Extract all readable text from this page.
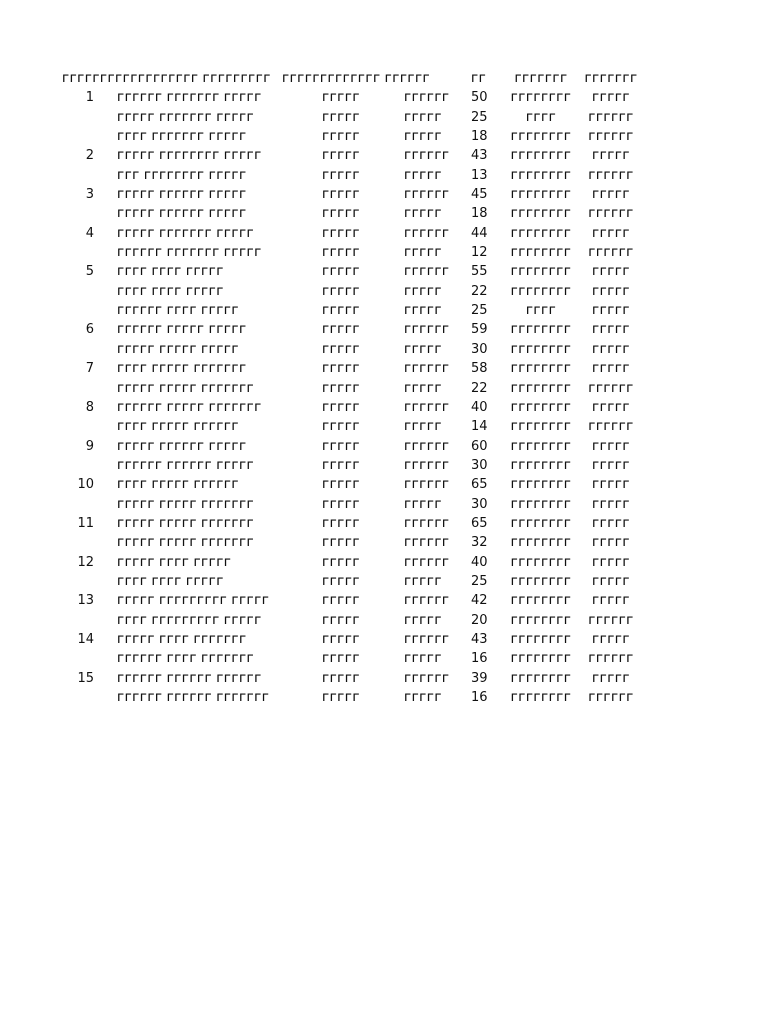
ᴦᴦᴦᴦᴦᴦᴦᴦᴦᴦᴦᴦᴦᴦᴦᴦᴦᴦ ᴦᴦᴦᴦᴦᴦᴦᴦᴦ ᴦᴦᴦᴦᴦᴦᴦᴦᴦᴦᴦᴦᴦ ᴦᴦᴦᴦᴦᴦ	ᴦᴦ	ᴦᴦᴦᴦᴦᴦᴦ	ᴦᴦᴦᴦᴦᴦᴦ
1 ᴦᴦᴦᴦᴦᴦ ᴦᴦᴦᴦᴦᴦᴦ ᴦᴦᴦᴦᴦ	ᴦᴦᴦᴦᴦ	ᴦᴦᴦᴦᴦᴦ	50	ᴦᴦᴦᴦᴦᴦᴦᴦ	ᴦᴦᴦᴦᴦ
ᴦᴦᴦᴦᴦ ᴦᴦᴦᴦᴦᴦᴦ ᴦᴦᴦᴦᴦ	ᴦᴦᴦᴦᴦ	ᴦᴦᴦᴦᴦ	25	ᴦᴦᴦᴦ	ᴦᴦᴦᴦᴦᴦ
ᴦᴦᴦᴦ ᴦᴦᴦᴦᴦᴦᴦ ᴦᴦᴦᴦᴦ	ᴦᴦᴦᴦᴦ	ᴦᴦᴦᴦᴦ	18	ᴦᴦᴦᴦᴦᴦᴦᴦ	ᴦᴦᴦᴦᴦᴦ
2 ᴦᴦᴦᴦᴦ ᴦᴦᴦᴦᴦᴦᴦᴦ ᴦᴦᴦᴦᴦ	ᴦᴦᴦᴦᴦ	ᴦᴦᴦᴦᴦᴦ	43	ᴦᴦᴦᴦᴦᴦᴦᴦ	ᴦᴦᴦᴦᴦ
ᴦᴦᴦ ᴦᴦᴦᴦᴦᴦᴦᴦ ᴦᴦᴦᴦᴦ	ᴦᴦᴦᴦᴦ	ᴦᴦᴦᴦᴦ	13	ᴦᴦᴦᴦᴦᴦᴦᴦ	ᴦᴦᴦᴦᴦᴦ
3 ᴦᴦᴦᴦᴦ ᴦᴦᴦᴦᴦᴦ ᴦᴦᴦᴦᴦ	ᴦᴦᴦᴦᴦ	ᴦᴦᴦᴦᴦᴦ	45	ᴦᴦᴦᴦᴦᴦᴦᴦ	ᴦᴦᴦᴦᴦ
ᴦᴦᴦᴦᴦ ᴦᴦᴦᴦᴦᴦ ᴦᴦᴦᴦᴦ	ᴦᴦᴦᴦᴦ	ᴦᴦᴦᴦᴦ	18	ᴦᴦᴦᴦᴦᴦᴦᴦ	ᴦᴦᴦᴦᴦᴦ
4 ᴦᴦᴦᴦᴦ ᴦᴦᴦᴦᴦᴦᴦ ᴦᴦᴦᴦᴦ	ᴦᴦᴦᴦᴦ	ᴦᴦᴦᴦᴦᴦ	44	ᴦᴦᴦᴦᴦᴦᴦᴦ	ᴦᴦᴦᴦᴦ
ᴦᴦᴦᴦᴦᴦ ᴦᴦᴦᴦᴦᴦᴦ ᴦᴦᴦᴦᴦ	ᴦᴦᴦᴦᴦ	ᴦᴦᴦᴦᴦ	12	ᴦᴦᴦᴦᴦᴦᴦᴦ	ᴦᴦᴦᴦᴦᴦ
5 ᴦᴦᴦᴦ ᴦᴦᴦᴦ ᴦᴦᴦᴦᴦ	ᴦᴦᴦᴦᴦ	ᴦᴦᴦᴦᴦᴦ	55	ᴦᴦᴦᴦᴦᴦᴦᴦ	ᴦᴦᴦᴦᴦ
ᴦᴦᴦᴦ ᴦᴦᴦᴦ ᴦᴦᴦᴦᴦ	ᴦᴦᴦᴦᴦ	ᴦᴦᴦᴦᴦ	22	ᴦᴦᴦᴦᴦᴦᴦᴦ	ᴦᴦᴦᴦᴦ
ᴦᴦᴦᴦᴦᴦ ᴦᴦᴦᴦ ᴦᴦᴦᴦᴦ	ᴦᴦᴦᴦᴦ	ᴦᴦᴦᴦᴦ	25	ᴦᴦᴦᴦ	ᴦᴦᴦᴦᴦ
6 ᴦᴦᴦᴦᴦᴦ ᴦᴦᴦᴦᴦ ᴦᴦᴦᴦᴦ	ᴦᴦᴦᴦᴦ	ᴦᴦᴦᴦᴦᴦ	59	ᴦᴦᴦᴦᴦᴦᴦᴦ	ᴦᴦᴦᴦᴦ
ᴦᴦᴦᴦᴦ ᴦᴦᴦᴦᴦ ᴦᴦᴦᴦᴦ	ᴦᴦᴦᴦᴦ	ᴦᴦᴦᴦᴦ	30	ᴦᴦᴦᴦᴦᴦᴦᴦ	ᴦᴦᴦᴦᴦ
7 ᴦᴦᴦᴦ ᴦᴦᴦᴦᴦ ᴦᴦᴦᴦᴦᴦᴦ	ᴦᴦᴦᴦᴦ	ᴦᴦᴦᴦᴦᴦ	58	ᴦᴦᴦᴦᴦᴦᴦᴦ	ᴦᴦᴦᴦᴦ
ᴦᴦᴦᴦᴦ ᴦᴦᴦᴦᴦ ᴦᴦᴦᴦᴦᴦᴦ	ᴦᴦᴦᴦᴦ	ᴦᴦᴦᴦᴦ	22	ᴦᴦᴦᴦᴦᴦᴦᴦ	ᴦᴦᴦᴦᴦᴦ
8 ᴦᴦᴦᴦᴦᴦ ᴦᴦᴦᴦᴦ ᴦᴦᴦᴦᴦᴦᴦ	ᴦᴦᴦᴦᴦ	ᴦᴦᴦᴦᴦᴦ	40	ᴦᴦᴦᴦᴦᴦᴦᴦ	ᴦᴦᴦᴦᴦ
ᴦᴦᴦᴦ ᴦᴦᴦᴦᴦ ᴦᴦᴦᴦᴦᴦ	ᴦᴦᴦᴦᴦ	ᴦᴦᴦᴦᴦ	14	ᴦᴦᴦᴦᴦᴦᴦᴦ	ᴦᴦᴦᴦᴦᴦ
9 ᴦᴦᴦᴦᴦ ᴦᴦᴦᴦᴦᴦ ᴦᴦᴦᴦᴦ	ᴦᴦᴦᴦᴦ	ᴦᴦᴦᴦᴦᴦ	60	ᴦᴦᴦᴦᴦᴦᴦᴦ	ᴦᴦᴦᴦᴦ
ᴦᴦᴦᴦᴦᴦ ᴦᴦᴦᴦᴦᴦ ᴦᴦᴦᴦᴦ	ᴦᴦᴦᴦᴦ	ᴦᴦᴦᴦᴦᴦ	30	ᴦᴦᴦᴦᴦᴦᴦᴦ	ᴦᴦᴦᴦᴦ
10 ᴦᴦᴦᴦ ᴦᴦᴦᴦᴦ ᴦᴦᴦᴦᴦᴦ	ᴦᴦᴦᴦᴦ	ᴦᴦᴦᴦᴦᴦ	65	ᴦᴦᴦᴦᴦᴦᴦᴦ	ᴦᴦᴦᴦᴦ
ᴦᴦᴦᴦᴦ ᴦᴦᴦᴦᴦ ᴦᴦᴦᴦᴦᴦᴦ	ᴦᴦᴦᴦᴦ	ᴦᴦᴦᴦᴦ	30	ᴦᴦᴦᴦᴦᴦᴦᴦ	ᴦᴦᴦᴦᴦ
11 ᴦᴦᴦᴦᴦ ᴦᴦᴦᴦᴦ ᴦᴦᴦᴦᴦᴦᴦ	ᴦᴦᴦᴦᴦ	ᴦᴦᴦᴦᴦᴦ	65	ᴦᴦᴦᴦᴦᴦᴦᴦ	ᴦᴦᴦᴦᴦ
ᴦᴦᴦᴦᴦ ᴦᴦᴦᴦᴦ ᴦᴦᴦᴦᴦᴦᴦ	ᴦᴦᴦᴦᴦ	ᴦᴦᴦᴦᴦᴦ	32	ᴦᴦᴦᴦᴦᴦᴦᴦ	ᴦᴦᴦᴦᴦ
12 ᴦᴦᴦᴦᴦ ᴦᴦᴦᴦ ᴦᴦᴦᴦᴦ	ᴦᴦᴦᴦᴦ	ᴦᴦᴦᴦᴦᴦ	40	ᴦᴦᴦᴦᴦᴦᴦᴦ	ᴦᴦᴦᴦᴦ
ᴦᴦᴦᴦ ᴦᴦᴦᴦ ᴦᴦᴦᴦᴦ	ᴦᴦᴦᴦᴦ	ᴦᴦᴦᴦᴦ	25	ᴦᴦᴦᴦᴦᴦᴦᴦ	ᴦᴦᴦᴦᴦ
13 ᴦᴦᴦᴦᴦ ᴦᴦᴦᴦᴦᴦᴦᴦᴦ ᴦᴦᴦᴦᴦ	ᴦᴦᴦᴦᴦ	ᴦᴦᴦᴦᴦᴦ	42	ᴦᴦᴦᴦᴦᴦᴦᴦ	ᴦᴦᴦᴦᴦ
ᴦᴦᴦᴦ ᴦᴦᴦᴦᴦᴦᴦᴦᴦ ᴦᴦᴦᴦᴦ	ᴦᴦᴦᴦᴦ	ᴦᴦᴦᴦᴦ	20	ᴦᴦᴦᴦᴦᴦᴦᴦ	ᴦᴦᴦᴦᴦᴦ
14 ᴦᴦᴦᴦᴦ ᴦᴦᴦᴦ ᴦᴦᴦᴦᴦᴦᴦ	ᴦᴦᴦᴦᴦ	ᴦᴦᴦᴦᴦᴦ	43	ᴦᴦᴦᴦᴦᴦᴦᴦ	ᴦᴦᴦᴦᴦ
ᴦᴦᴦᴦᴦᴦ ᴦᴦᴦᴦ ᴦᴦᴦᴦᴦᴦᴦ	ᴦᴦᴦᴦᴦ	ᴦᴦᴦᴦᴦ	16	ᴦᴦᴦᴦᴦᴦᴦᴦ	ᴦᴦᴦᴦᴦᴦ
15 ᴦᴦᴦᴦᴦᴦ ᴦᴦᴦᴦᴦᴦ ᴦᴦᴦᴦᴦᴦ	ᴦᴦᴦᴦᴦ	ᴦᴦᴦᴦᴦᴦ	39	ᴦᴦᴦᴦᴦᴦᴦᴦ	ᴦᴦᴦᴦᴦ
ᴦᴦᴦᴦᴦᴦ ᴦᴦᴦᴦᴦᴦ ᴦᴦᴦᴦᴦᴦᴦ	ᴦᴦᴦᴦᴦ	ᴦᴦᴦᴦᴦ	16	ᴦᴦᴦᴦᴦᴦᴦᴦ	ᴦᴦᴦᴦᴦᴦ
